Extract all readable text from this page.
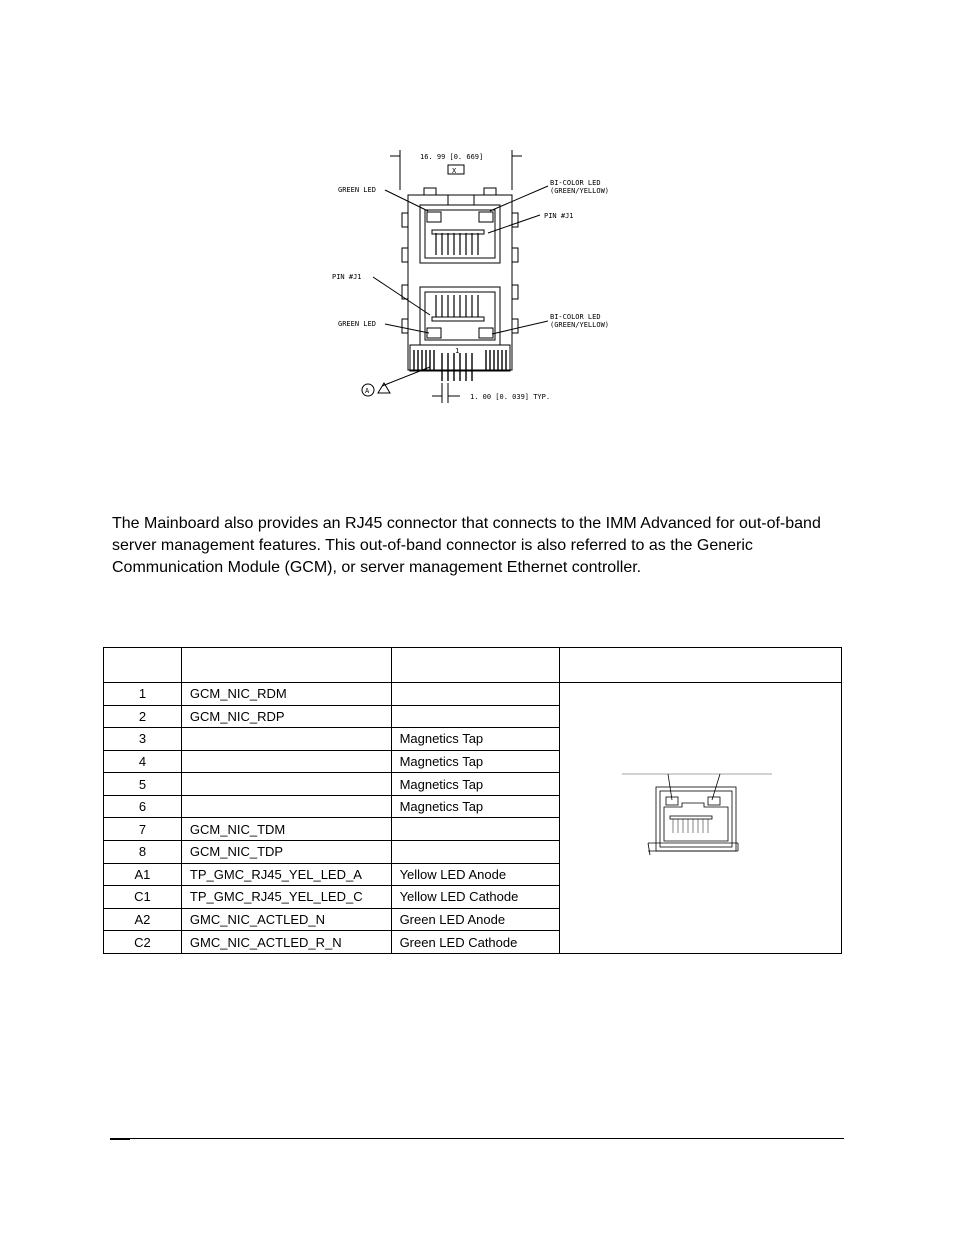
16. 99 [0. 669]
X
GREEN LED
BI-COLOR LED
(GREEN/YELLOW)
PIN #J1
PIN #J1
GREEN LED
BI-COLOR LED
(GREEN/YELLOW)
1
A
1. 00 [0. 039] TYP.

The Mainboard also provides an RJ45 connector that connects to the IMM Advanced for out-of-band server management features. This out-of-band connector is also referred to as the Generic Communication Module (GCM), or server management Ethernet controller.

1	GCM_NIC_RDM		
2	GCM_NIC_RDP		
3		Magnetics Tap	
4		Magnetics Tap	
5		Magnetics Tap	
6		Magnetics Tap	
7	GCM_NIC_TDM		
8	GCM_NIC_TDP		
A1	TP_GMC_RJ45_YEL_LED_A	Yellow LED Anode	
C1	TP_GMC_RJ45_YEL_LED_C	Yellow LED Cathode	
A2	GMC_NIC_ACTLED_N	Green LED Anode	
C2	GMC_NIC_ACTLED_R_N	Green LED Cathode	
